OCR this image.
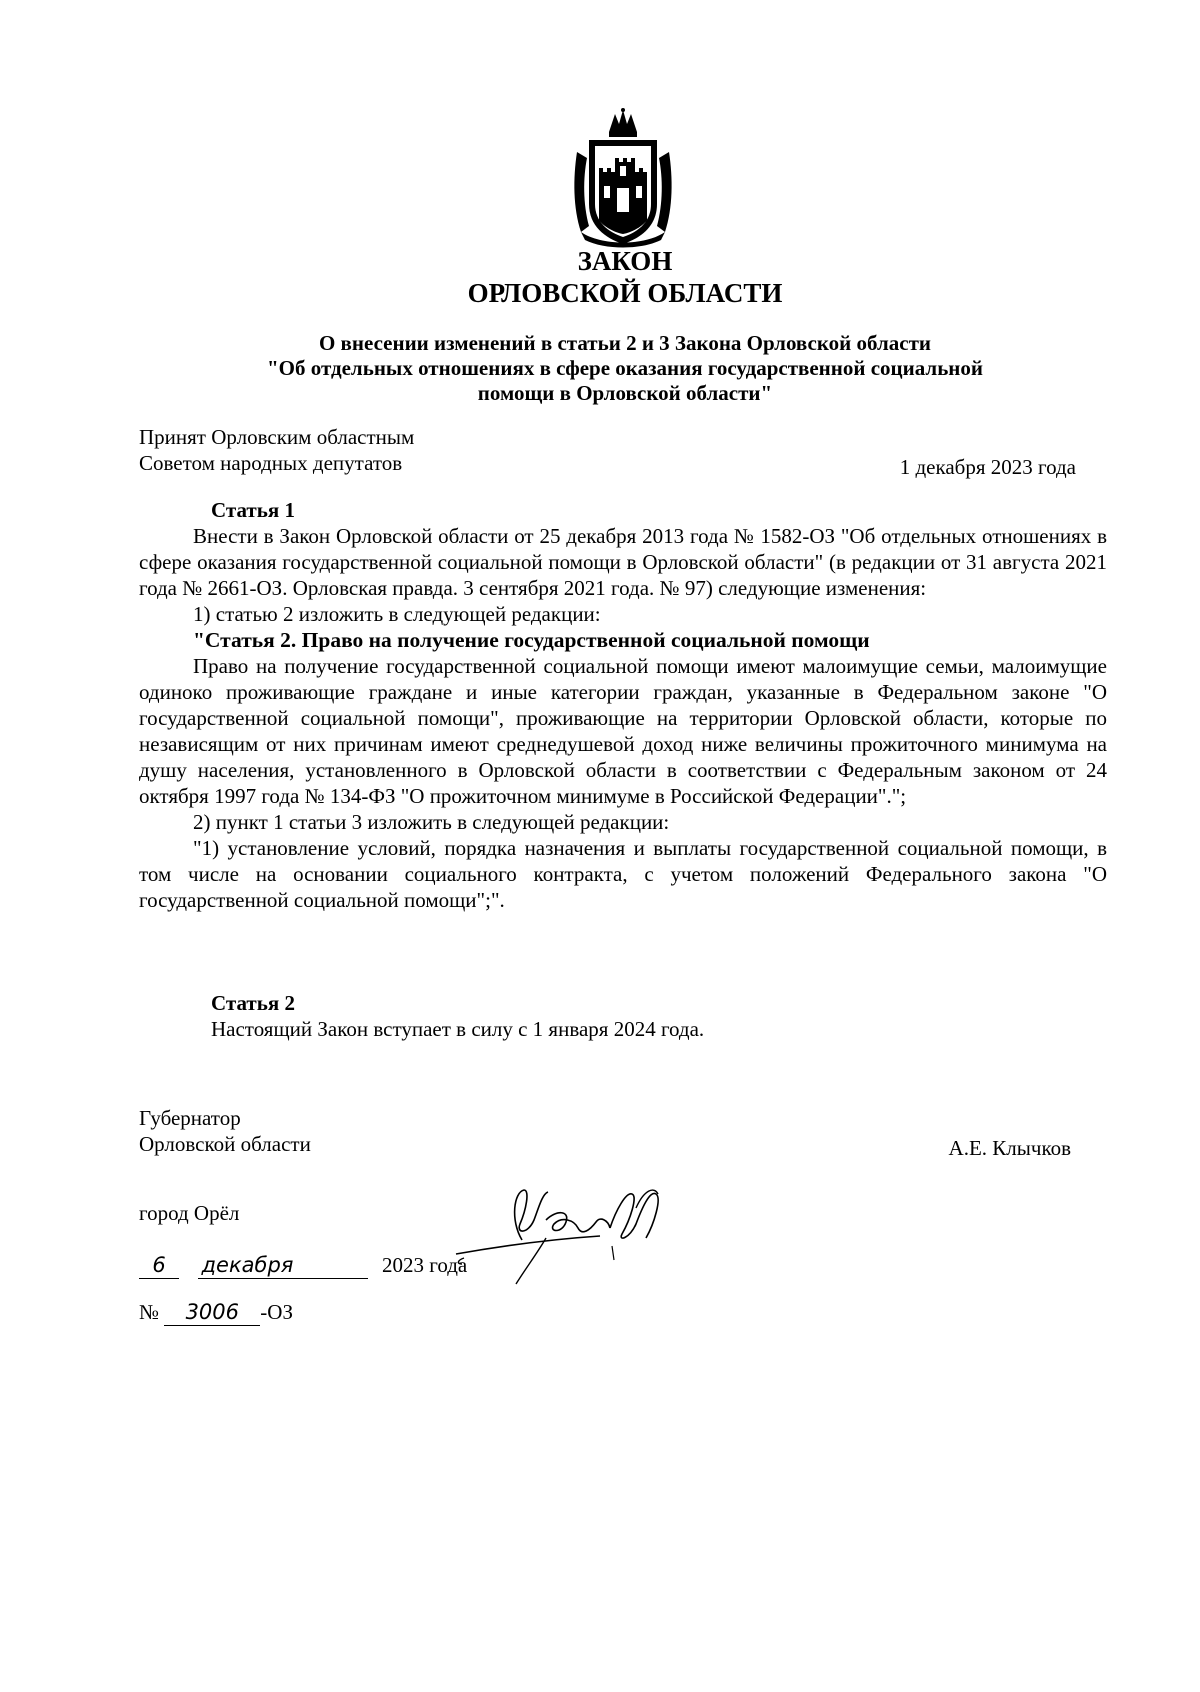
ЗАКОН
ОРЛОВСКОЙ ОБЛАСТИ
О внесении изменений в статьи 2 и 3 Закона Орловской области
"Об отдельных отношениях в сфере оказания государственной социальной
помощи в Орловской области"
Принят Орловским областным
Советом народных депутатов	1 декабря 2023 года

Статья 1

Внести в Закон Орловской области от 25 декабря 2013 года № 1582-ОЗ "Об отдельных отношениях в сфере оказания государственной социальной помощи в Орловской области" (в редакции от 31 августа 2021 года № 2661-ОЗ. Орловская правда. 3 сентября 2021 года. № 97) следующие изменения:

1) статью 2 изложить в следующей редакции:

"Статья 2. Право на получение государственной социальной помощи

Право на получение государственной социальной помощи имеют малоимущие семьи, малоимущие одиноко проживающие граждане и иные категории граждан, указанные в Федеральном законе "О государственной социальной помощи", проживающие на территории Орловской области, которые по независящим от них причинам имеют среднедушевой доход ниже величины прожиточного минимума на душу населения, установленного в Орловской области в соответствии с Федеральным законом от 24 октября 1997 года № 134-ФЗ "О прожиточном минимуме в Российской Федерации".";

2) пункт 1 статьи 3 изложить в следующей редакции:

"1) установление условий, порядка назначения и выплаты государственной социальной помощи, в том числе на основании социального контракта, с учетом положений Федерального закона "О государственной социальной помощи";".

Статья 2

Настоящий Закон вступает в силу с 1 января 2024 года.

Губернатор
Орловской области	А.Е. Клычков
город Орёл
6 декабря	2023 года
№ 3006 -ОЗ
